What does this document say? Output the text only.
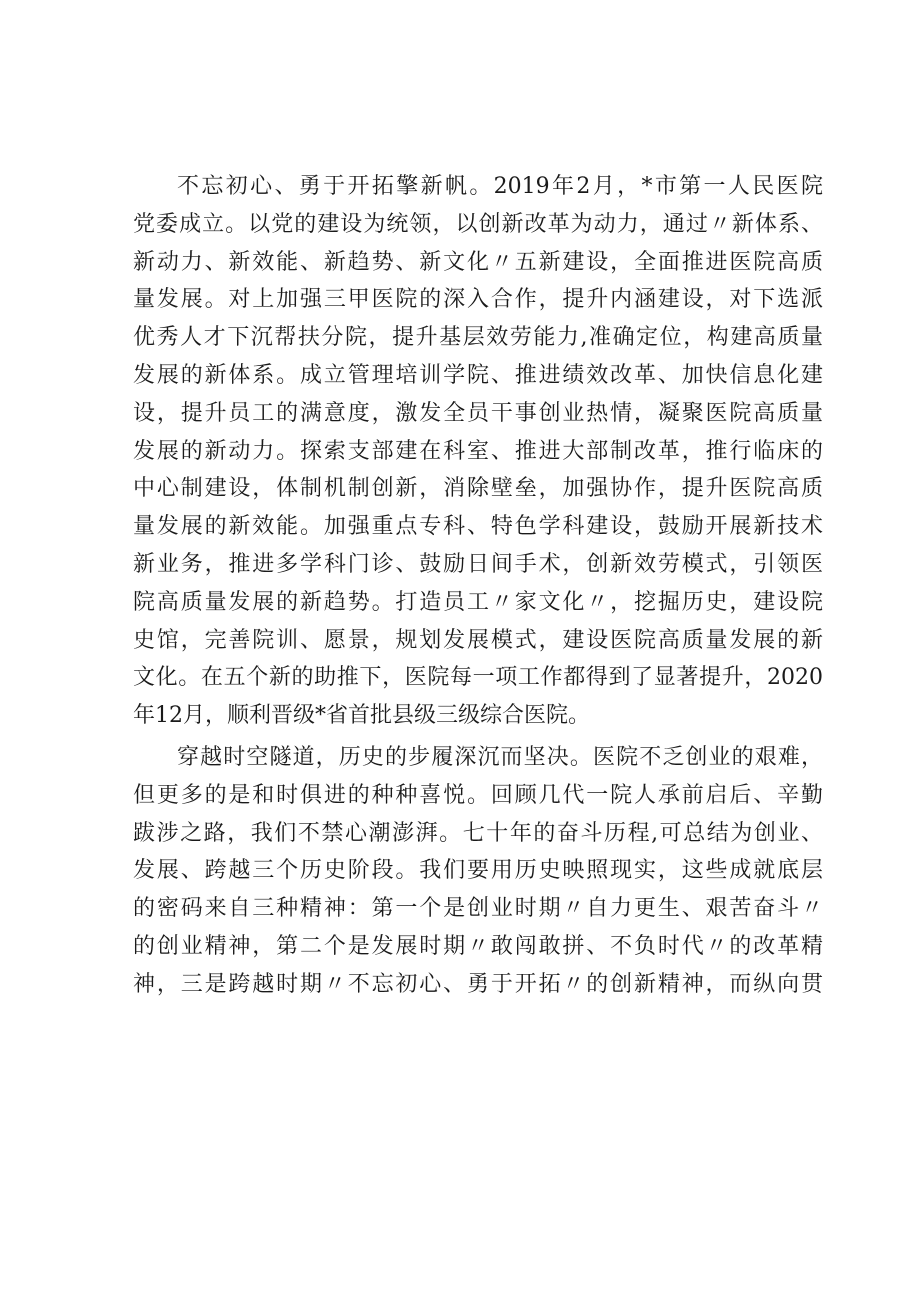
不忘初心、勇于开拓擎新帆。2019年2月，*市第一人民医院
党委成立。以党的建设为统领，以创新改革为动力，通过〃新体系、
新动力、新效能、新趋势、新文化〃五新建设，全面推进医院高质
量发展。对上加强三甲医院的深入合作，提升内涵建设，对下选派
优秀人才下沉帮扶分院，提升基层效劳能力,准确定位，构建高质量
发展的新体系。成立管理培训学院、推进绩效改革、加快信息化建
设，提升员工的满意度，激发全员干事创业热情，凝聚医院高质量
发展的新动力。探索支部建在科室、推进大部制改革，推行临床的
中心制建设，体制机制创新，消除壁垒，加强协作，提升医院高质
量发展的新效能。加强重点专科、特色学科建设，鼓励开展新技术
新业务，推进多学科门诊、鼓励日间手术，创新效劳模式，引领医
院高质量发展的新趋势。打造员工〃家文化〃，挖掘历史，建设院
史馆，完善院训、愿景，规划发展模式，建设医院高质量发展的新
文化。在五个新的助推下，医院每一项工作都得到了显著提升，2020
年12月，顺利晋级*省首批县级三级综合医院。
穿越时空隧道，历史的步履深沉而坚决。医院不乏创业的艰难，
但更多的是和时俱进的种种喜悦。回顾几代一院人承前启后、辛勤
跋涉之路，我们不禁心潮澎湃。七十年的奋斗历程,可总结为创业、
发展、跨越三个历史阶段。我们要用历史映照现实，这些成就底层
的密码来自三种精神：第一个是创业时期〃自力更生、艰苦奋斗〃
的创业精神，第二个是发展时期〃敢闯敢拼、不负时代〃的改革精
神，三是跨越时期〃不忘初心、勇于开拓〃的创新精神，而纵向贯
